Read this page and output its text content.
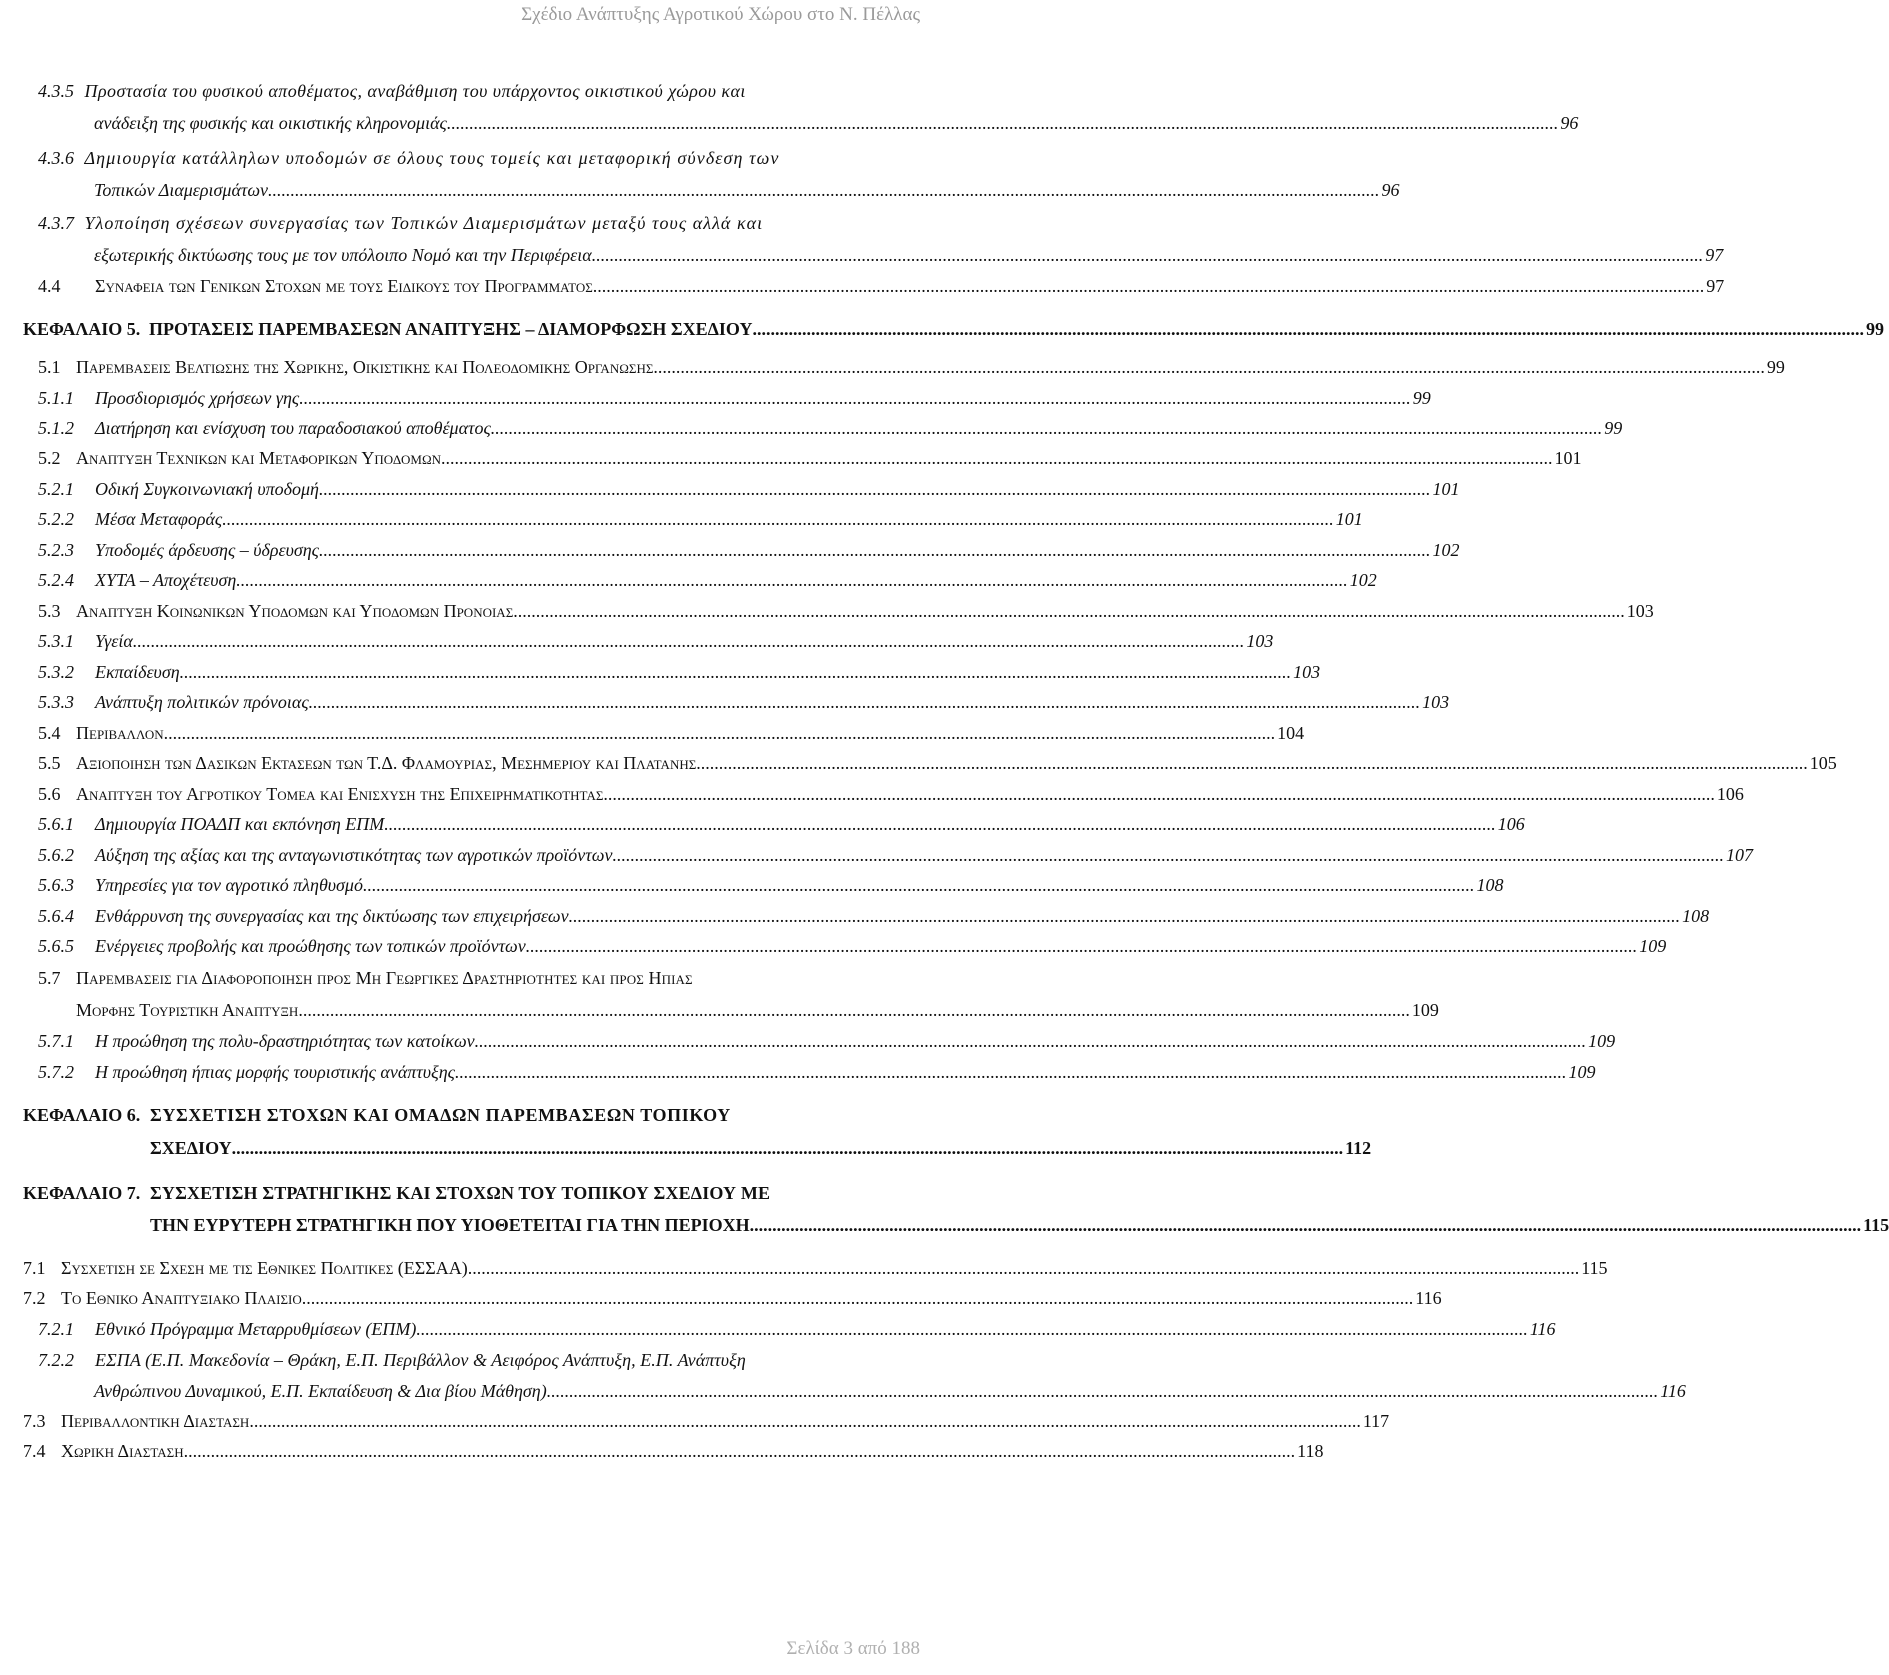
Σχέδιο Ανάπτυξης Αγροτικού Χώρου στο Ν. Πέλλας
4.3.5 Προστασία του φυσικού αποθέματος, αναβάθμιση του υπάρχοντος οικιστικού χώρου και
ανάδειξη της φυσικής και οικιστικής κληρονομιάς .....	96
4.3.6 Δημιουργία κατάλληλων υποδομών σε όλους τους τομείς και μεταφορική σύνδεση των
Τοπικών Διαμερισμάτων .....	96
4.3.7 Υλοποίηση σχέσεων συνεργασίας των Τοπικών Διαμερισμάτων μεταξύ τους αλλά και
εξωτερικής δικτύωσης τους με τον υπόλοιπο Νομό και την Περιφέρεια .....	97
4.4	Συναφεια των Γενικων Στοχων με τους Ειδικους του Προγραμματος .....	97
ΚΕΦΑΛΑΙΟ 5. ΠΡΟΤΑΣΕΙΣ ΠΑΡΕΜΒΑΣΕΩΝ ΑΝΑΠΤΥΞΗΣ – ΔΙΑΜΟΡΦΩΣΗ ΣΧΕΔΙΟΥ .....	99
5.1 Παρεμβασεις Βελτιωσης της Χωρικης, Οικιστικης και Πολεοδομικης Οργανωσης .....	99
5.1.1	Προσδιορισμός χρήσεων γης .....	99
5.1.2	Διατήρηση και ενίσχυση του παραδοσιακού αποθέματος .....	99
5.2 Αναπτυξη Τεχνικων και Μεταφορικων Υποδομων .....	101
5.2.1	Οδική Συγκοινωνιακή υποδομή .....	101
5.2.2	Μέσα Μεταφοράς .....	101
5.2.3	Υποδομές άρδευσης – ύδρευσης .....	102
5.2.4	ΧΥΤΑ – Αποχέτευση .....	102
5.3 Αναπτυξη Κοινωνικων Υποδομων και Υποδομων Προνοιας .....	103
5.3.1	Υγεία .....	103
5.3.2	Εκπαίδευση .....	103
5.3.3	Ανάπτυξη πολιτικών πρόνοιας .....	103
5.4 Περιβαλλον .....	104
5.5 Αξιοποιηση των Δασικων Εκτασεων των Τ.Δ. Φλαμουριας, Μεσημεριου και Πλατανης .....	105
5.6 Αναπτυξη του Αγροτικου Τομεα και Ενισχυση της Επιχειρηματικοτητας .....	106
5.6.1	Δημιουργία ΠΟΑΔΠ και εκπόνηση ΕΠΜ .....	106
5.6.2	Αύξηση της αξίας και της ανταγωνιστικότητας των αγροτικών προϊόντων .....	107
5.6.3	Υπηρεσίες για τον αγροτικό πληθυσμό .....	108
5.6.4	Ενθάρρυνση της συνεργασίας και της δικτύωσης των επιχειρήσεων .....	108
5.6.5	Ενέργειες προβολής και προώθησης των τοπικών προϊόντων .....	109
5.7 Παρεμβασεις για Διαφοροποιηση προς Μη Γεωργικες Δραστηριοτητες και προς Ηπιας
Μορφης Τουριστικη Αναπτυξη .....	109
5.7.1	Η προώθηση της πολυ-δραστηριότητας των κατοίκων .....	109
5.7.2	Η προώθηση ήπιας μορφής τουριστικής ανάπτυξης .....	109
ΚΕΦΑΛΑΙΟ 6. ΣΥΣΧΕΤΙΣΗ ΣΤΟΧΩΝ ΚΑΙ ΟΜΑΔΩΝ ΠΑΡΕΜΒΑΣΕΩΝ ΤΟΠΙΚΟΥ
ΣΧΕΔΙΟΥ .....	112
ΚΕΦΑΛΑΙΟ 7. ΣΥΣΧΕΤΙΣΗ ΣΤΡΑΤΗΓΙΚΗΣ ΚΑΙ ΣΤΟΧΩΝ ΤΟΥ ΤΟΠΙΚΟΥ ΣΧΕΔΙΟΥ ΜΕ
ΤΗΝ ΕΥΡΥΤΕΡΗ ΣΤΡΑΤΗΓΙΚΗ ΠΟΥ ΥΙΟΘΕΤΕΙΤΑΙ ΓΙΑ ΤΗΝ ΠΕΡΙΟΧΗ .....	115
7.1 Συσχετιση σε Σχεση με τις Εθνικες Πολιτικες (ΕΣΣΑΑ) .....	115
7.2 Το Εθνικο Αναπτυξιακο Πλαισιο .....	116
7.2.1	Εθνικό Πρόγραμμα Μεταρρυθμίσεων (ΕΠΜ) .....	116
7.2.2 ΕΣΠΑ (Ε.Π. Μακεδονία – Θράκη, Ε.Π. Περιβάλλον & Αειφόρος Ανάπτυξη, Ε.Π. Ανάπτυξη
Ανθρώπινου Δυναμικού, Ε.Π. Εκπαίδευση & Δια βίου Μάθηση) .....	116
7.3 Περιβαλλοντικη Διασταση .....	117
7.4 Χωρικη Διασταση .....	118
Σελίδα 3 από 188
